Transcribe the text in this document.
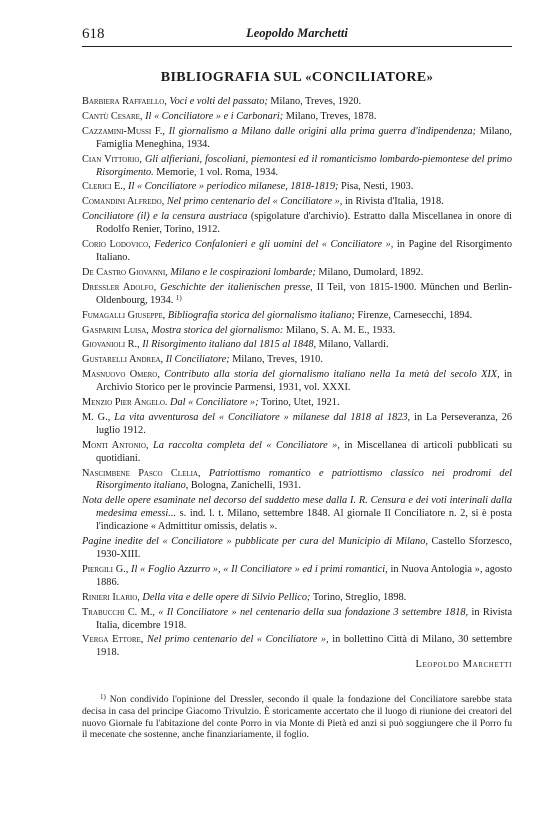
618	Leopoldo Marchetti
BIBLIOGRAFIA SUL «CONCILIATORE»

Barbiera Raffaello, Voci e volti del passato; Milano, Treves, 1920.

Cantù Cesare, Il « Conciliatore » e i Carbonari; Milano, Treves, 1878.

Cazzamini-Mussi F., Il giornalismo a Milano dalle origini alla prima guerra d'indipendenza; Milano, Famiglia Meneghina, 1934.

Cian Vittorio, Gli alfieriani, foscoliani, piemontesi ed il romanticismo lombardo-piemontese del primo Risorgimento. Memorie, 1 vol. Roma, 1934.

Clerici E., Il « Conciliatore » periodico milanese, 1818-1819; Pisa, Nesti, 1903.

Comandini Alfredo, Nel primo centenario del « Conciliatore », in Rivista d'Italia, 1918.

Conciliatore (il) e la censura austriaca (spigolature d'archivio). Estratto dalla Miscellanea in onore di Rodolfo Renier, Torino, 1912.

Corio Lodovico, Federico Confalonieri e gli uomini del « Conciliatore », in Pagine del Risorgimento Italiano.

De Castro Giovanni, Milano e le cospirazioni lombarde; Milano, Dumolard, 1892.

Dressler Adolfo, Geschichte der italienischen presse, II Teil, von 1815-1900. München und Berlin-Oldenbourg, 1934. $^{1)}$

Fumagalli Giuseppe, Bibliografia storica del giornalismo italiano; Firenze, Carnesecchi, 1894.

Gasparini Luisa, Mostra storica del giornalismo: Milano, S. A. M. E., 1933.

Giovanioli R., Il Risorgimento italiano dal 1815 al 1848, Milano, Vallardi.

Gustarelli Andrea, Il Conciliatore; Milano, Treves, 1910.

Masnuovo Omero, Contributo alla storia del giornalismo italiano nella 1a metà del secolo XIX, in Archivio Storico per le provincie Parmensi, 1931, vol. XXXI.

Menzio Pier Angelo. Dal « Conciliatore »; Torino, Utet, 1921.

M. G., La vita avventurosa del « Conciliatore » milanese dal 1818 al 1823, in La Perseveranza, 26 luglio 1912.

Monti Antonio, La raccolta completa del « Conciliatore », in Miscellanea di articoli pubblicati su quotidiani.

Nascimbene Pasco Clelia, Patriottismo romantico e patriottismo classico nei prodromi del Risorgimento italiano, Bologna, Zanichelli, 1931.

Nota delle opere esaminate nel decorso del suddetto mese dalla I. R. Censura e dei voti interinali dalla medesima emessi... s. ind. l. t. Milano, settembre 1848. Al giornale Il Conciliatore n. 2, si è posta l'indicazione « Admittitur omissis, delatis ».

Pagine inedite del « Conciliatore » pubblicate per cura del Municipio di Milano, Castello Sforzesco, 1930-XIII.

Piergili G., Il « Foglio Azzurro », « Il Conciliatore » ed i primi romantici, in Nuova Antologia », agosto 1886.

Rinieri Ilario, Della vita e delle opere di Silvio Pellico; Torino, Streglio, 1898.

Trabucchi C. M., « Il Conciliatore » nel centenario della sua fondazione 3 settembre 1818, in Rivista Italia, dicembre 1918.

Verga Ettore, Nel primo centenario del « Conciliatore », in bollettino Città di Milano, 30 settembre 1918.

Leopoldo Marchetti

$^{1)}$ Non condivido l'opinione del Dressler, secondo il quale la fondazione del Conciliatore sarebbe stata decisa in casa del principe Giacomo Trivulzio. È storicamente accertato che il luogo di riunione dei creatori del nuovo Giornale fu l'abitazione del conte Porro in via Monte di Pietà ed anzi si può soggiungere che il Porro fu il mecenate che sostenne, anche finanziariamente, il foglio.
